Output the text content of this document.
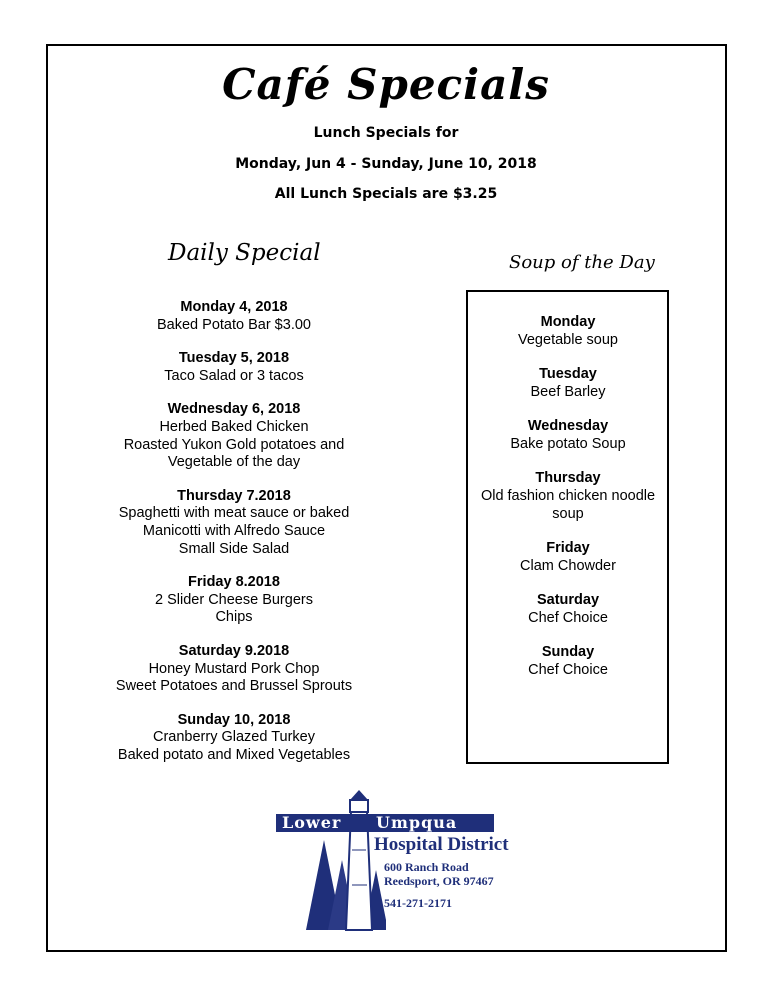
Café Specials
Lunch Specials for
Monday, Jun 4 - Sunday, June 10, 2018
All Lunch Specials are $3.25
Daily Special	Soup of the Day
Monday 4, 2018
Baked Potato Bar $3.00
Tuesday 5, 2018
Taco Salad or 3 tacos
Wednesday 6, 2018
Herbed Baked Chicken
Roasted Yukon Gold potatoes and
Vegetable of the day
Thursday 7.2018
Spaghetti with meat sauce or baked
Manicotti with Alfredo Sauce
Small Side Salad
Friday 8.2018
2 Slider Cheese Burgers
Chips
Saturday 9.2018
Honey Mustard Pork Chop
Sweet Potatoes and Brussel Sprouts
Sunday 10, 2018
Cranberry Glazed Turkey
Baked potato and Mixed Vegetables
Monday
Vegetable soup
Tuesday
Beef Barley
Wednesday
Bake potato Soup
Thursday
Old fashion chicken noodle
soup
Friday
Clam Chowder
Saturday
Chef Choice
Sunday
Chef Choice
Lower Umpqua
Hospital District
600 Ranch Road
Reedsport, OR 97467
541-271-2171
